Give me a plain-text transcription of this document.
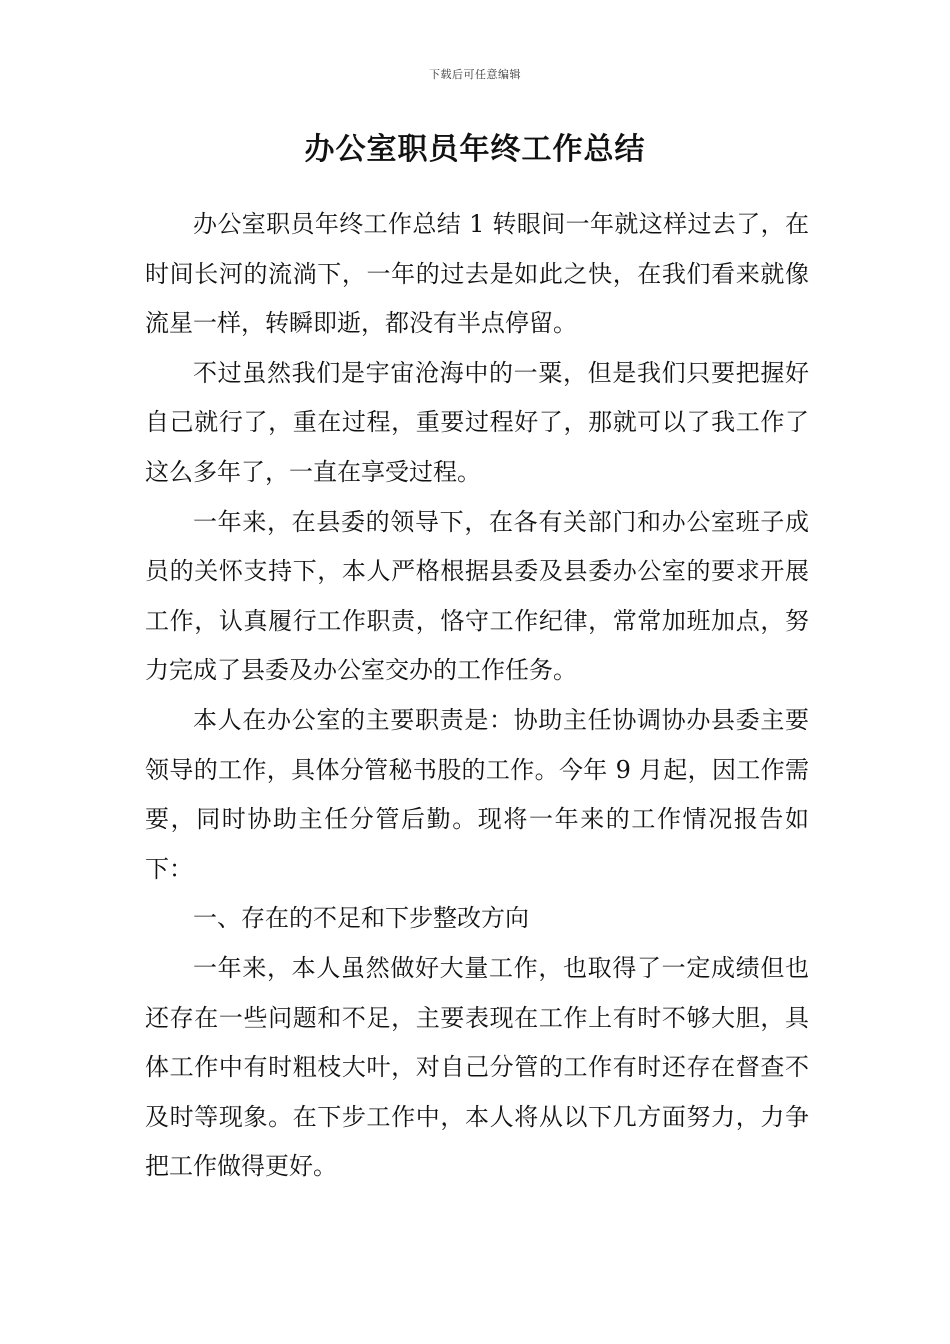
下载后可任意编辑
办公室职员年终工作总结

办公室职员年终工作总结 1 转眼间一年就这样过去了，在时间长河的流淌下，一年的过去是如此之快，在我们看来就像流星一样，转瞬即逝，都没有半点停留。

不过虽然我们是宇宙沧海中的一粟，但是我们只要把握好自己就行了，重在过程，重要过程好了，那就可以了我工作了这么多年了，一直在享受过程。

一年来，在县委的领导下，在各有关部门和办公室班子成员的关怀支持下，本人严格根据县委及县委办公室的要求开展工作，认真履行工作职责，恪守工作纪律，常常加班加点，努力完成了县委及办公室交办的工作任务。

本人在办公室的主要职责是：协助主任协调协办县委主要领导的工作，具体分管秘书股的工作。今年 9 月起，因工作需要，同时协助主任分管后勤。现将一年来的工作情况报告如下：

一、存在的不足和下步整改方向

一年来，本人虽然做好大量工作，也取得了一定成绩但也还存在一些问题和不足，主要表现在工作上有时不够大胆，具体工作中有时粗枝大叶，对自己分管的工作有时还存在督查不及时等现象。在下步工作中，本人将从以下几方面努力，力争把工作做得更好。
